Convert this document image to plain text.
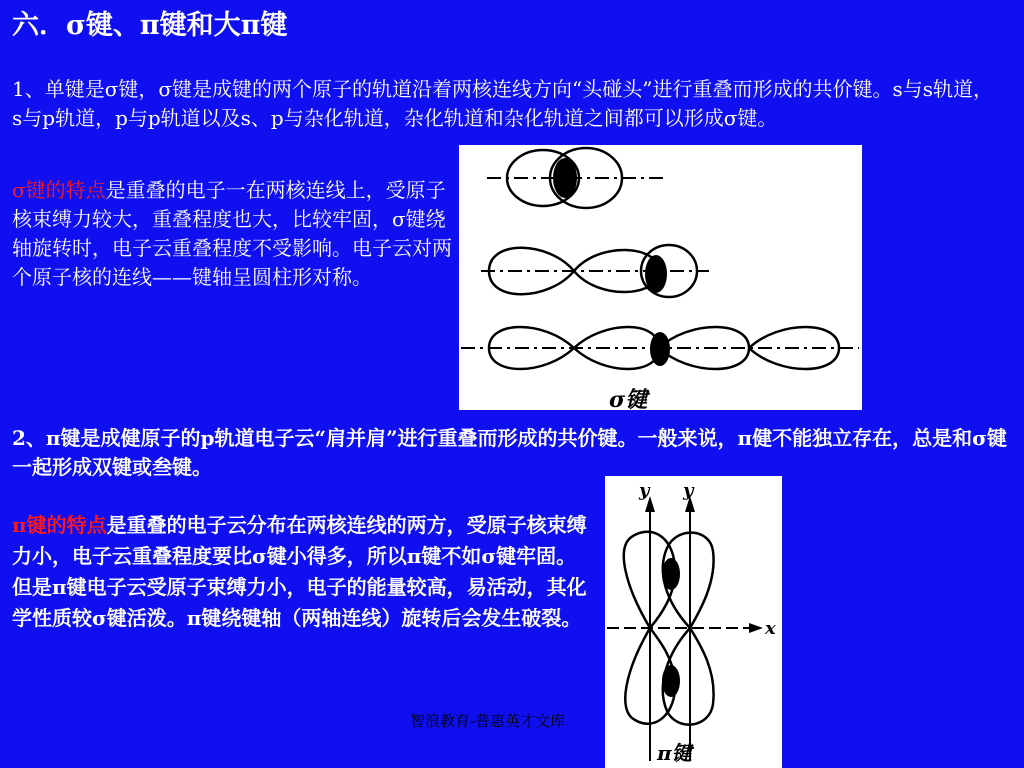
六．σ键、π键和大π键
1、单键是σ键，σ键是成键的两个原子的轨道沿着两核连线方向“头碰头”进行重叠而形成的共价键。s与s轨道，s与p轨道，p与p轨道以及s、p与杂化轨道，杂化轨道和杂化轨道之间都可以形成σ键。
σ键的特点是重叠的电子一在两核连线上，受原子核束缚力较大，重叠程度也大，比较牢固，σ键绕轴旋转时，电子云重叠程度不受影响。电子云对两个原子核的连线——键轴呈圆柱形对称。
σ键
2、π键是成健原子的p轨道电子云“肩并肩”进行重叠而形成的共价键。一般来说，π健不能独立存在，总是和σ键一起形成双键或叁键。
π键的特点是重叠的电子云分布在两核连线的两方，受原子核束缚力小，电子云重叠程度要比σ键小得多，所以π键不如σ键牢固。但是π键电子云受原子束缚力小，电子的能量较高，易活动，其化学性质较σ键活泼。π键绕键轴（两轴连线）旋转后会发生破裂。
y y
x
π键
智浪教育-普惠英才文库
